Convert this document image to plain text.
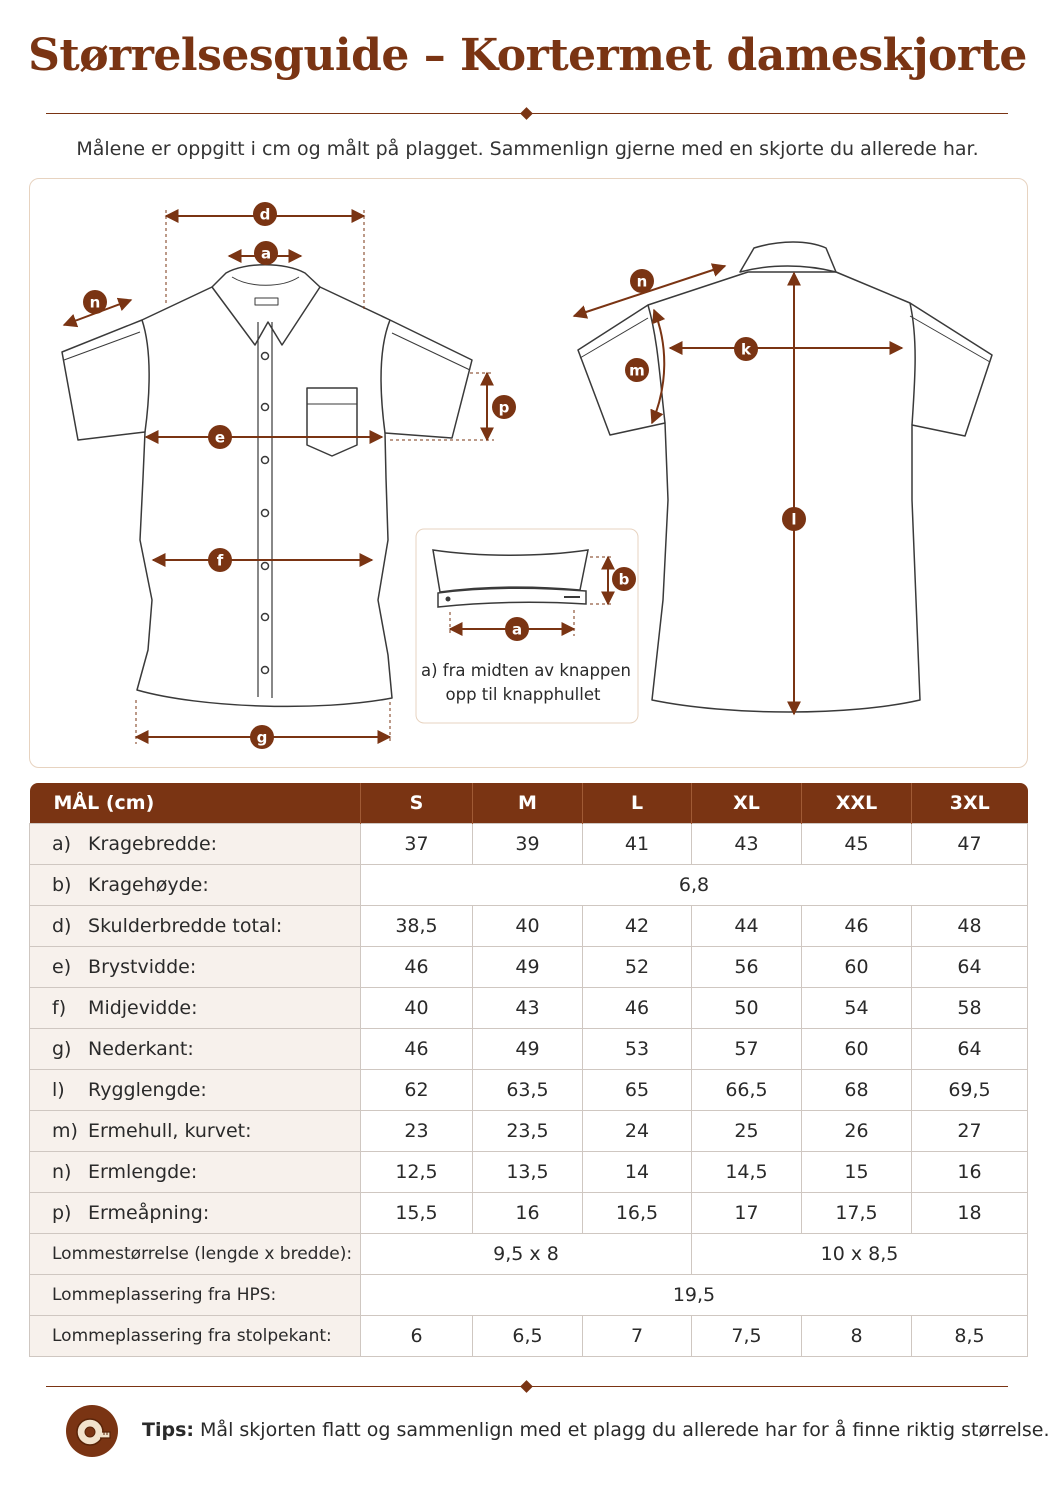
Størrelsesguide – Kortermet dameskjorte

Målene er oppgitt i cm og målt på plagget. Sammenlign gjerne med en skjorte du allerede har.

d
a
n
p
e
f
g
n
m
k
l
b
a
a) fra midten av knappen
opp til knapphullet
MÅL (cm)	S	M	L	XL	XXL	3XL
a) Kragebredde:	37	39	41	43	45	47
b) Kragehøyde:	6,8					
d) Skulderbredde total:	38,5	40	42	44	46	48
e) Brystvidde:	46	49	52	56	60	64
f) Midjevidde:	40	43	46	50	54	58
g) Nederkant:	46	49	53	57	60	64
l) Rygglengde:	62	63,5	65	66,5	68	69,5
m) Ermehull, kurvet:	23	23,5	24	25	26	27
n) Ermlengde:	12,5	13,5	14	14,5	15	16
p) Ermeåpning:	15,5	16	16,5	17	17,5	18
Lommestørrelse (lengde x bredde):	9,5 x 8			10 x 8,5		
Lommeplassering fra HPS:	19,5					
Lommeplassering fra stolpekant:	6	6,5	7	7,5	8	8,5
Tips: Mål skjorten flatt og sammenlign med et plagg du allerede har for å finne riktig størrelse.
